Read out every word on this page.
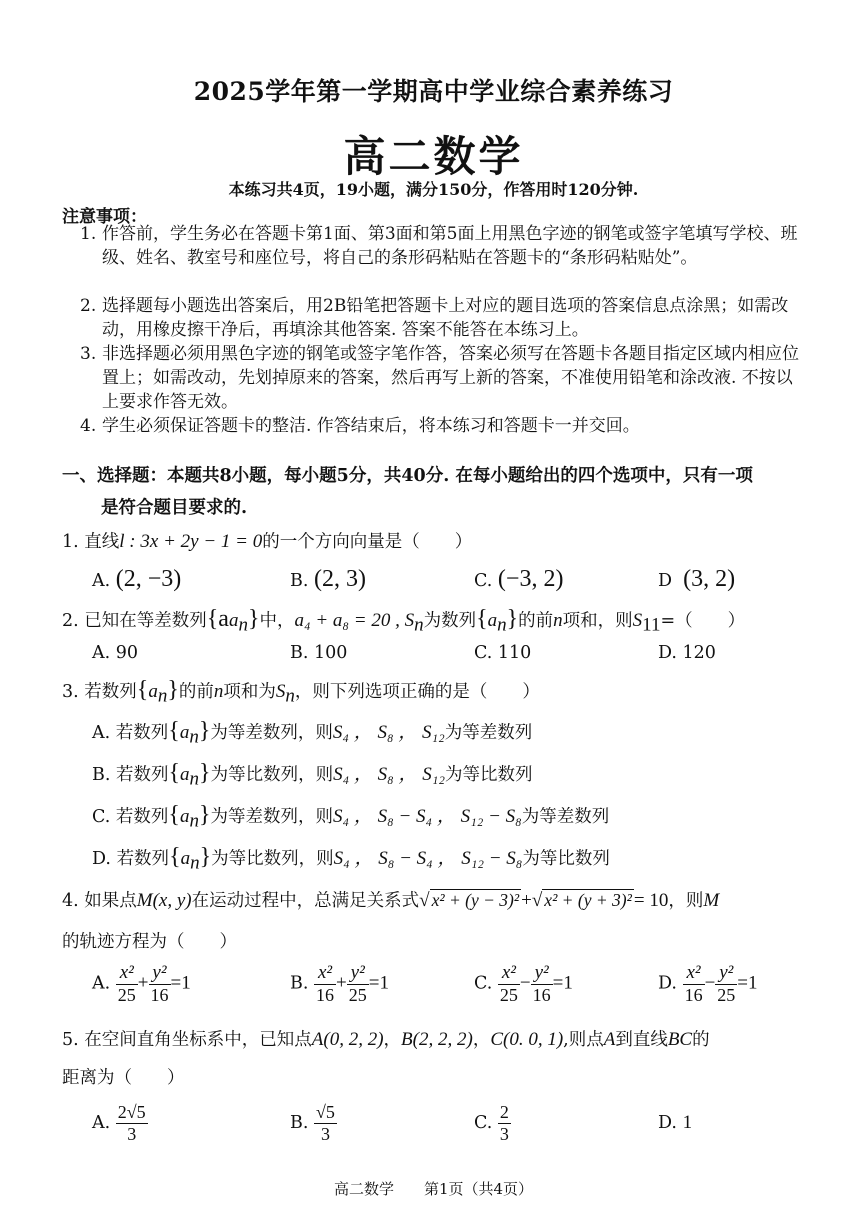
2025学年第一学期高中学业综合素养练习
高二数学
本练习共4页，19小题，满分150分，作答用时120分钟.
注意事项：
1. 作答前，学生务必在答题卡第1面、第3面和第5面上用黑色字迹的钢笔或签字笔填写学校、班级、姓名、教室号和座位号，将自己的条形码粘贴在答题卡的“条形码粘贴处”。
2. 选择题每小题选出答案后，用2B铅笔把答题卡上对应的题目选项的答案信息点涂黑；如需改动，用橡皮擦干净后，再填涂其他答案. 答案不能答在本练习上。
3. 非选择题必须用黑色字迹的钢笔或签字笔作答，答案必须写在答题卡各题目指定区域内相应位置上；如需改动，先划掉原来的答案，然后再写上新的答案，不准使用铅笔和涂改液. 不按以上要求作答无效。
4. 学生必须保证答题卡的整洁. 作答结束后，将本练习和答题卡一并交回。
一、选择题：本题共8小题，每小题5分，共40分. 在每小题给出的四个选项中，只有一项
是符合题目要求的.
1. 直线l : 3x + 2y − 1 = 0的一个方向向量是（　　）
A. (2, −3)	B. (2, 3)	C. (−3, 2)	D (3, 2)
2. 已知在等差数列$\{aa_n\}$中，a₄ + a₈ = 20 , $S_n$为数列$\{a_n\}$的前n项和，则$S_{11}=$（　　）
A. 90	B. 100	C. 110	D. 120
3. 若数列$\{a_n\}$的前n项和为$S_n$，则下列选项正确的是（　　）
A. 若数列$\{a_n\}$为等差数列，则S₄ ， S₈ ， S₁₂为等差数列
B. 若数列$\{a_n\}$为等比数列，则S₄ ， S₈ ， S₁₂为等比数列
C. 若数列$\{a_n\}$为等差数列，则S₄ ， S₈ − S₄ ， S₁₂ − S₈为等差数列
D. 若数列$\{a_n\}$为等比数列，则S₄ ， S₈ − S₄ ， S₁₂ − S₈为等比数列
4. 如果点M(x, y)在运动过程中，总满足关系式√ x² + (y − 3)² +√ x² + (y + 3)² = 10，则M
的轨迹方程为（　　）
A. $\frac{\text{x²}}{25} + \frac{\text{y²}}{16} =1$	B. $\frac{\text{x²}}{16} + \frac{\text{y²}}{25} =1$	C. $\frac{\text{x²}}{25} - \frac{\text{y²}}{16} =1$	D. $\frac{\text{x²}}{16} - \frac{\text{y²}}{25} =1$
5. 在空间直角坐标系中，已知点A(0, 2, 2)，B(2, 2, 2)，C(0. 0, 1),则点A到直线BC的
距离为（　　）
A. $\frac{2√5}{3}$	B. $\frac{√5}{3}$	C. $\frac{2}{3}$	D. 1
高二数学　　第1页（共4页）
